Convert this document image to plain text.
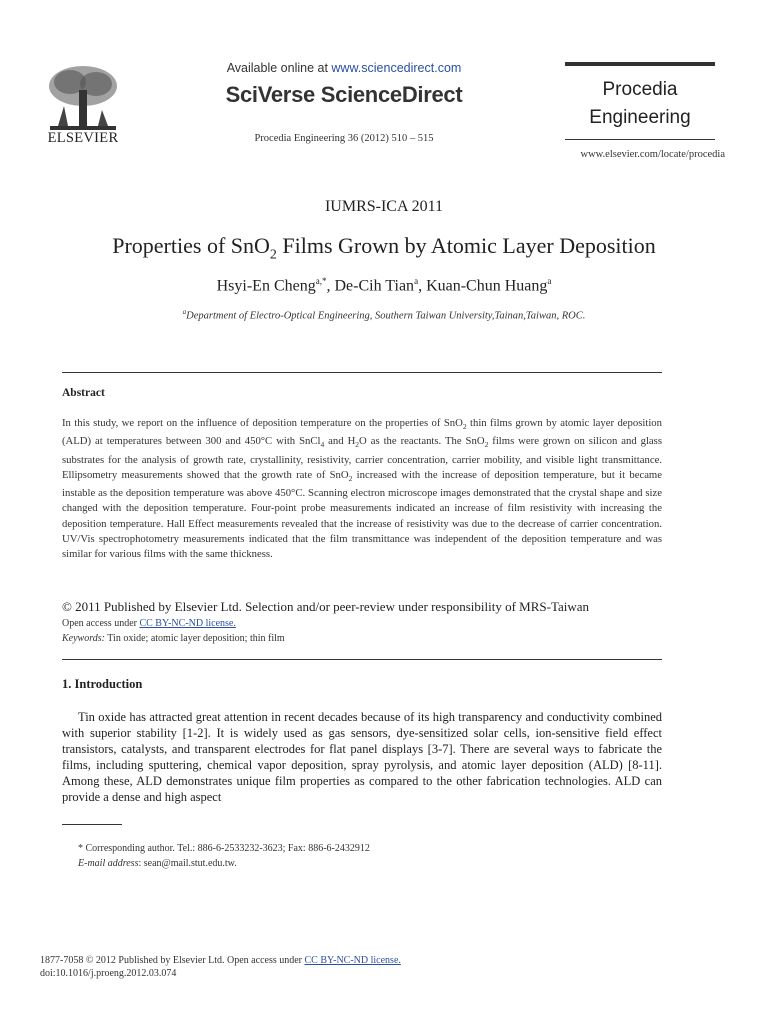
ELSEVIER
Available online at www.sciencedirect.com
SciVerse ScienceDirect
Procedia Engineering 36 (2012) 510 – 515
Procedia
Engineering
www.elsevier.com/locate/procedia
IUMRS-ICA 2011
Properties of SnO$_2$ Films Grown by Atomic Layer Deposition
Hsyi-En Cheng$^{a,*}$, De-Cih Tian$^a$, Kuan-Chun Huang$^a$
$^a$Department of Electro-Optical Engineering, Southern Taiwan University,Tainan,Taiwan, ROC.
Abstract
In this study, we report on the influence of deposition temperature on the properties of SnO$_2$ thin films grown by atomic layer deposition (ALD) at temperatures between 300 and 450°C with SnCl$_4$ and $H_2O$ as the reactants. The SnO$_2$ films were grown on silicon and glass substrates for the analysis of growth rate, crystallinity, resistivity, carrier concentration, carrier mobility, and visible light transmittance. Ellipsometry measurements showed that the growth rate of SnO$_2$ increased with the increase of deposition temperature, but it became instable as the deposition temperature was above 450°C. Scanning electron microscope images demonstrated that the crystal shape and size changed with the deposition temperature. Four-point probe measurements indicated an increase of film resistivity with increasing the deposition temperature. Hall Effect measurements revealed that the increase of resistivity was due to the decrease of carrier concentration. UV/Vis spectrophotometry measurements indicated that the film transmittance was independent of the deposition temperature and was similar for various films with the same thickness.
© 2011 Published by Elsevier Ltd. Selection and/or peer-review under responsibility of MRS-Taiwan
Open access under CC BY-NC-ND license.
Keywords: Tin oxide; atomic layer deposition; thin film
1. Introduction
Tin oxide has attracted great attention in recent decades because of its high transparency and conductivity combined with superior stability [1-2]. It is widely used as gas sensors, dye-sensitized solar cells, ion-sensitive field effect transistors, catalysts, and transparent electrodes for flat panel displays [3-7]. There are several ways to fabricate the films, including sputtering, chemical vapor deposition, spray pyrolysis, and atomic layer deposition (ALD) [8-11]. Among these, ALD demonstrates unique film properties as compared to the other fabrication technologies. ALD can provide a dense and high aspect
* Corresponding author. Tel.: 886-6-2533232-3623; Fax: 886-6-2432912
E-mail address: sean@mail.stut.edu.tw.
1877-7058 © 2012 Published by Elsevier Ltd. Open access under CC BY-NC-ND license.
doi:10.1016/j.proeng.2012.03.074
